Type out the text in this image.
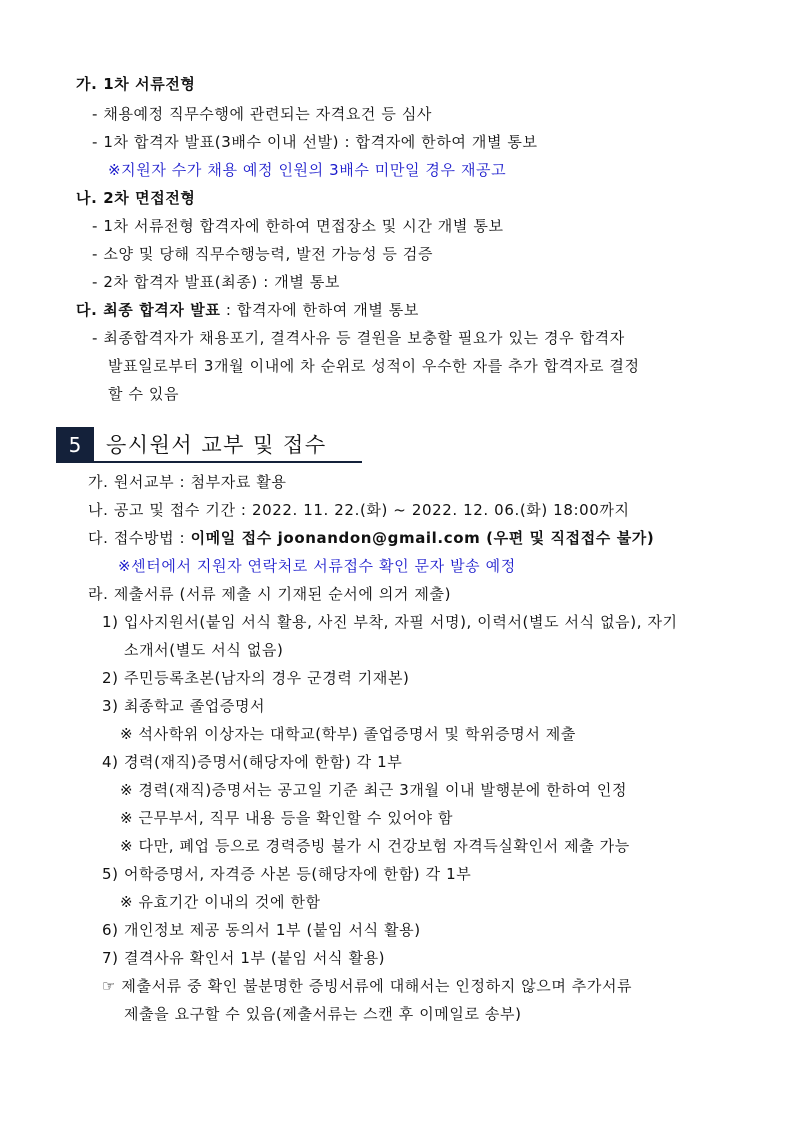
가. 1차 서류전형
- 채용예정 직무수행에 관련되는 자격요건 등 심사
- 1차 합격자 발표(3배수 이내 선발) : 합격자에 한하여 개별 통보
※지원자 수가 채용 예정 인원의 3배수 미만일 경우 재공고
나. 2차 면접전형
- 1차 서류전형 합격자에 한하여 면접장소 및 시간 개별 통보
- 소양 및 당해 직무수행능력, 발전 가능성 등 검증
- 2차 합격자 발표(최종) : 개별 통보
다. 최종 합격자 발표 : 합격자에 한하여 개별 통보
- 최종합격자가 채용포기, 결격사유 등 결원을 보충할 필요가 있는 경우 합격자
발표일로부터 3개월 이내에 차 순위로 성적이 우수한 자를 추가 합격자로 결정
할 수 있음
5	응시원서 교부 및 접수
가. 원서교부 : 첨부자료 활용
나. 공고 및 접수 기간 : 2022. 11. 22.(화) ~ 2022. 12. 06.(화) 18:00까지
다. 접수방법 : 이메일 접수 joonandon@gmail.com (우편 및 직접접수 불가)
※센터에서 지원자 연락처로 서류접수 확인 문자 발송 예정
라. 제출서류 (서류 제출 시 기재된 순서에 의거 제출)
1) 입사지원서(붙임 서식 활용, 사진 부착, 자필 서명), 이력서(별도 서식 없음), 자기
소개서(별도 서식 없음)
2) 주민등록초본(남자의 경우 군경력 기재본)
3) 최종학교 졸업증명서
※ 석사학위 이상자는 대학교(학부) 졸업증명서 및 학위증명서 제출
4) 경력(재직)증명서(해당자에 한함) 각 1부
※ 경력(재직)증명서는 공고일 기준 최근 3개월 이내 발행분에 한하여 인정
※ 근무부서, 직무 내용 등을 확인할 수 있어야 함
※ 다만, 폐업 등으로 경력증빙 불가 시 건강보험 자격득실확인서 제출 가능
5) 어학증명서, 자격증 사본 등(해당자에 한함) 각 1부
※ 유효기간 이내의 것에 한함
6) 개인정보 제공 동의서 1부 (붙임 서식 활용)
7) 결격사유 확인서 1부 (붙임 서식 활용)
☞ 제출서류 중 확인 불분명한 증빙서류에 대해서는 인정하지 않으며 추가서류
제출을 요구할 수 있음(제출서류는 스캔 후 이메일로 송부)
